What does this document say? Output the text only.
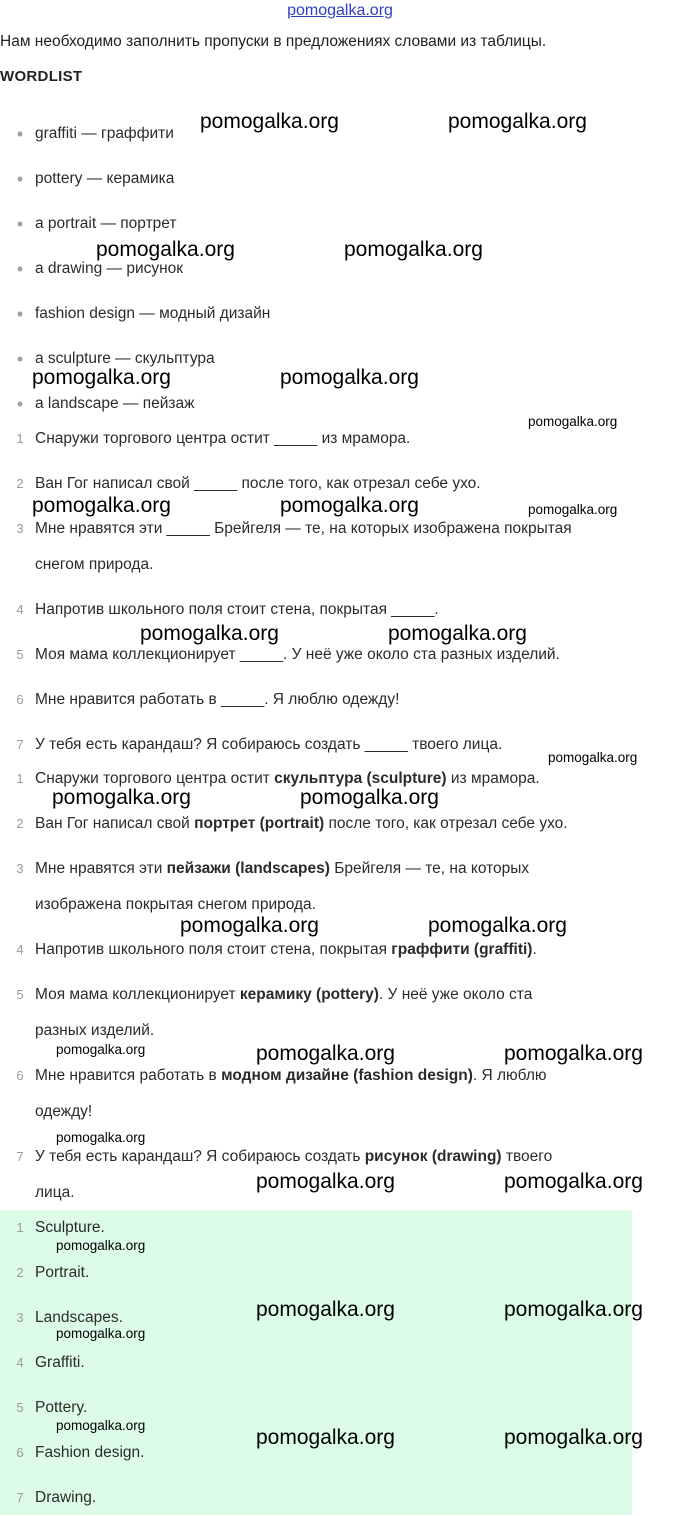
pomogalka.org
Нам необходимо заполнить пропуски в предложениях словами из таблицы.
WORDLIST
• graffiti — граффити
• pottery — керамика
• a portrait — портрет
• a drawing — рисунок
• fashion design — модный дизайн
• a sculpture — скульптура
• a landscape — пейзаж
1 Снаружи торгового центра остит _____ из мрамора.
2 Ван Гог написал свой _____ после того, как отрезал себе ухо.
3 Мне нравятся эти _____ Брейгеля — те, на которых изображена покрытая
снегом природа.
4 Напротив школьного поля стоит стена, покрытая _____.
5 Моя мама коллекционирует _____. У неё уже около ста разных изделий.
6 Мне нравится работать в _____. Я люблю одежду!
7 У тебя есть карандаш? Я собираюсь создать _____ твоего лица.
1 Снаружи торгового центра остит скульптура (sculpture) из мрамора.
2 Ван Гог написал свой портрет (portrait) после того, как отрезал себе ухо.
3 Мне нравятся эти пейзажи (landscapes) Брейгеля — те, на которых
изображена покрытая снегом природа.
4 Напротив школьного поля стоит стена, покрытая граффити (graffiti).
5 Моя мама коллекционирует керамику (pottery). У неё уже около ста
разных изделий.
6 Мне нравится работать в модном дизайне (fashion design). Я люблю
одежду!
7 У тебя есть карандаш? Я собираюсь создать рисунок (drawing) твоего
лица.
1 Sculpture.
2 Portrait.
3 Landscapes.
4 Graffiti.
5 Pottery.
6 Fashion design.
7 Drawing.
pomogalka.org	pomogalka.org
pomogalka.org	pomogalka.org
pomogalka.org	pomogalka.org
pomogalka.org
pomogalka.org	pomogalka.org	pomogalka.org
pomogalka.org	pomogalka.org
pomogalka.org
pomogalka.org	pomogalka.org
pomogalka.org	pomogalka.org
pomogalka.org	pomogalka.org	pomogalka.org
pomogalka.org
pomogalka.org	pomogalka.org
pomogalka.org
pomogalka.org	pomogalka.org
pomogalka.org
pomogalka.org
pomogalka.org	pomogalka.org
